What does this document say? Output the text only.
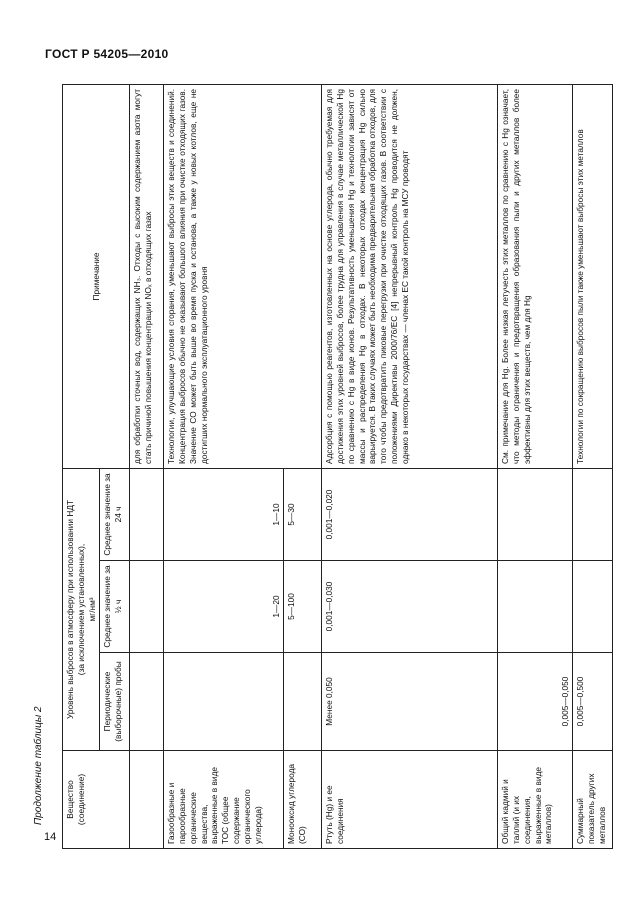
ГОСТ Р 54205—2010
Продолжение таблицы 2
14
Вещество (соединение)	Уровень выбросов в атмосферу при использовании НДТ (за исключением установленных), мг/нм³			Примечание
	Периодические (выборочные) пробы	Среднее значение за ½ ч	Среднее значение за 24 ч	
				для обработки сточных вод, содержащих NH₃. Отходы с высоким содержанием азота могут стать причиной повышения концентрации NOₓ в отходящих газах
Газообразные и парообразные органические вещества, выраженные в виде ТОС (общее содержание органического углерода)		1—20	1—10	Технологии, улучшающие условия сгорания, уменьшают выбросы этих веществ и соединений. Концентрация выбросов обычно не оказывают большого влияния при очистке отходящих газов. Значение СО может быть выше во время пуска и останова, а также у новых котлов, еще не достигших нормального эксплуатационного уровня
Монооксид углерода (СО)		5—100	5—30	
Ртуть (Hg) и ее соединения	Менее 0,050	0,001—0,030	0,001—0,020	Адсорбция с помощью реагентов, изготовленных на основе углерода, обычно требуемая для достижения этих уровней выбросов, более трудна для управления в случае металлической Hg по сравнению с Hg в виде ионов. Результативность уменьшения Hg и технологии зависят от массы и распределения Hg в отходах. В некоторых отходах концентрация Hg сильно варьируется. В таких случаях может быть необходима предварительная обработка отходов, для того чтобы предотвратить пиковые перегрузки при очистке отходящих газов. В соответствии с положениями Директивы 2000/76/ЕС [4] непрерывный контроль Hg проводится не должен, однако в некоторых государствах — членах ЕС такой контроль на МСУ проводят
Общий кадмий и таллий (и их соединения, выраженные в виде металлов)	0,005—0,050			См. примечание для Hg. Более низкая летучесть этих металлов по сравнению с Hg означает, что методы ограничения и предотвращения образования пыли и других металлов более эффективны для этих веществ, чем для Hg
Суммарный показатель других металлов	0,005—0,500			Технологии по сокращению выбросов пыли также уменьшают выбросы этих металлов
